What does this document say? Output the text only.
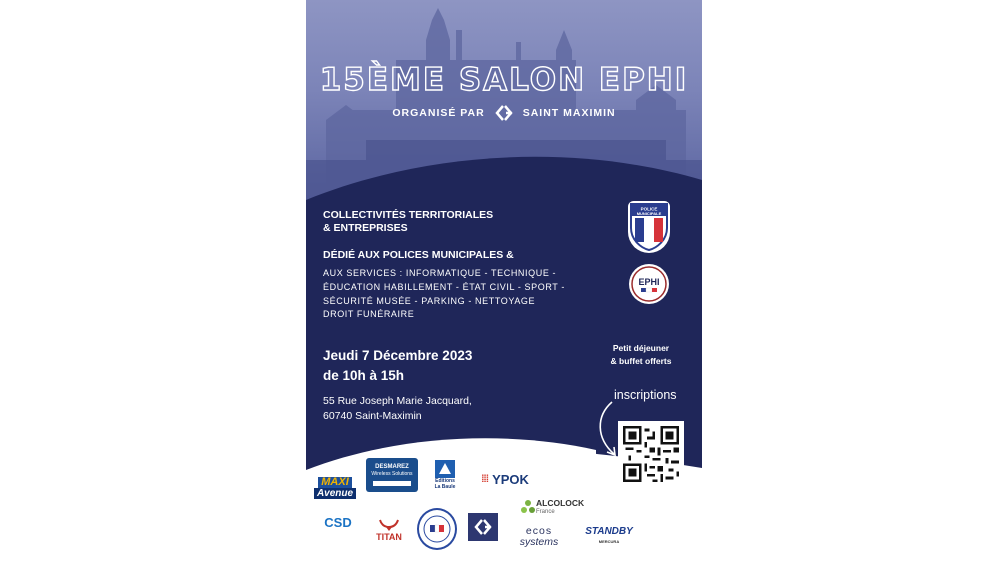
15ÈME SALON EPHI
ORGANISÉ PAR	SAINT MAXIMIN
COLLECTIVITÉS TERRITORIALES
& ENTREPRISES
DÉDIÉ AUX POLICES MUNICIPALES &
AUX SERVICES : INFORMATIQUE - TECHNIQUE -
ÉDUCATION HABILLEMENT - ÉTAT CIVIL - SPORT -
SÉCURITÉ MUSÉE - PARKING - NETTOYAGE
DROIT FUNÉRAIRE
Jeudi 7 Décembre 2023
de 10h à 15h
55 Rue Joseph Marie Jacquard,
60740 Saint-Maximin
POLICE
MUNICIPALE
EPHI
Petit déjeuner
& buffet offerts
inscriptions
MAXI
Avenue
DESMAREZ
Wireless Solutions
Éditions
La Baule
⁞⁞⁞ YPOK
ALCOLOCK
France
CSD

TITAN	ecos
systems
STANDBY
MERCURA
